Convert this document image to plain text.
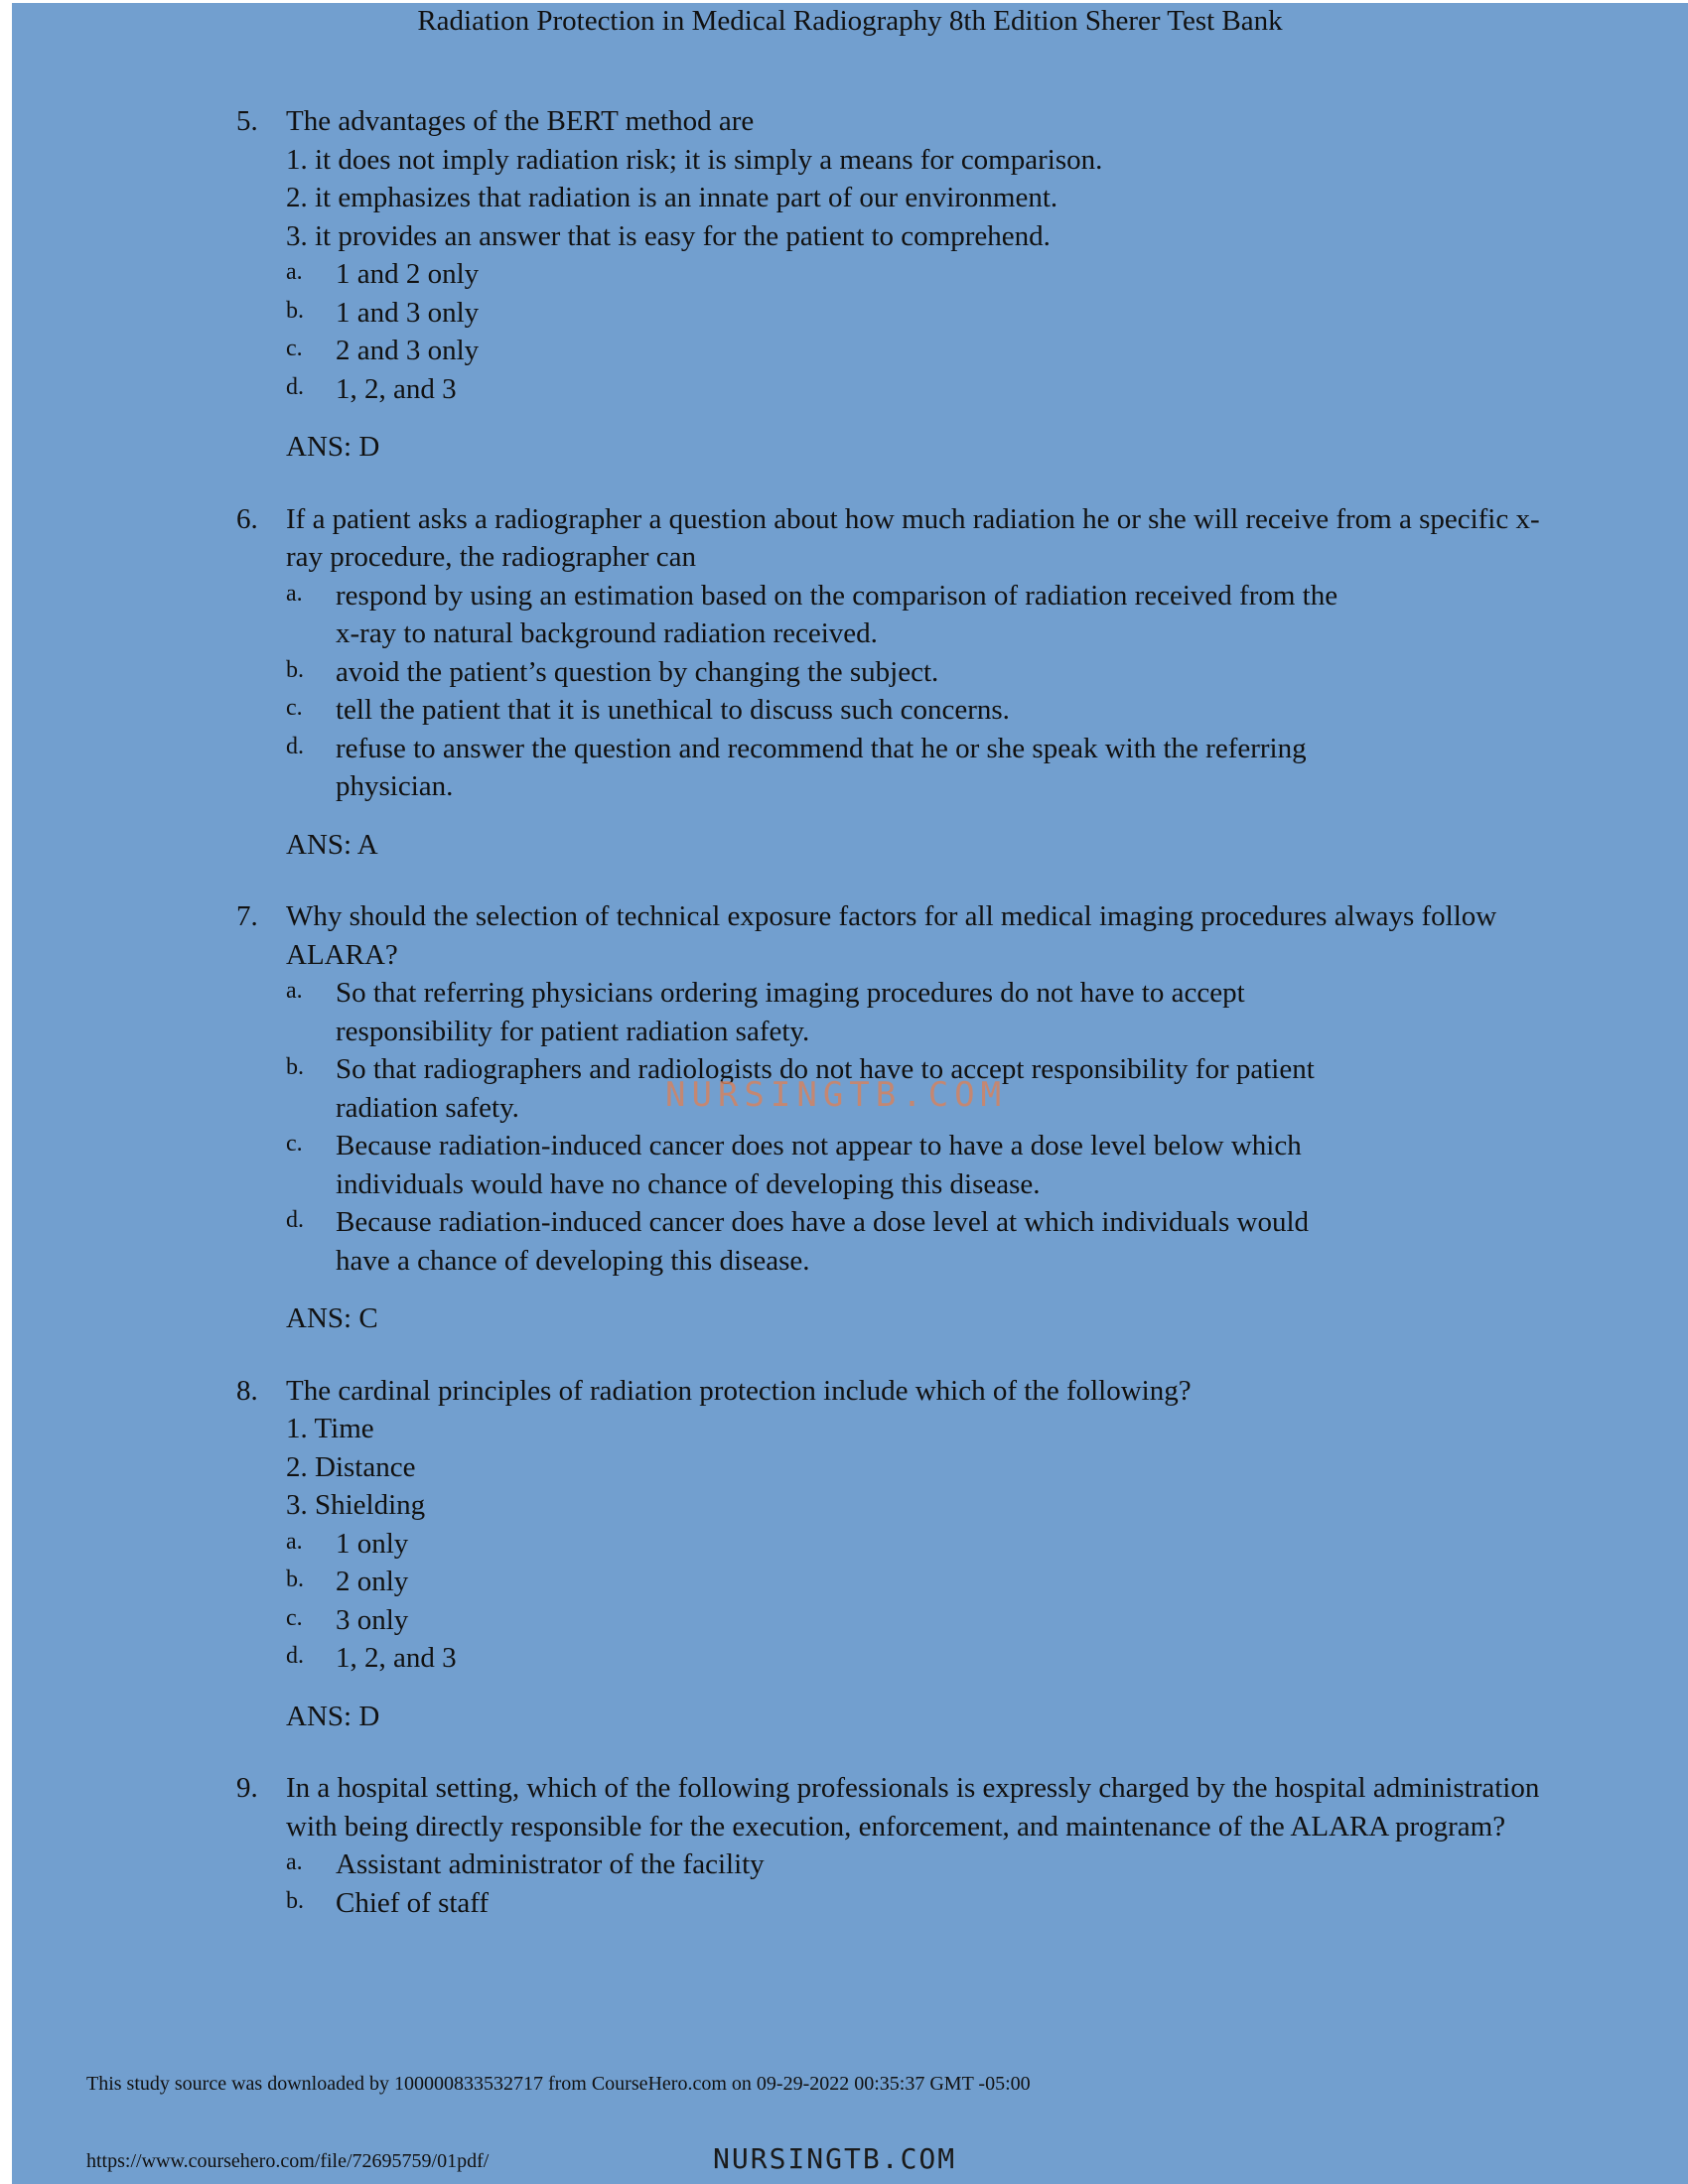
Radiation Protection in Medical Radiography 8th Edition Sherer Test Bank
5. The advantages of the BERT method are
1. it does not imply radiation risk; it is simply a means for comparison.
2. it emphasizes that radiation is an innate part of our environment.
3. it provides an answer that is easy for the patient to comprehend.
a. 1 and 2 only
b. 1 and 3 only
c. 2 and 3 only
d. 1, 2, and 3
ANS: D
6. If a patient asks a radiographer a question about how much radiation he or she will receive from a specific x-ray procedure, the radiographer can
a. respond by using an estimation based on the comparison of radiation received from the x-ray to natural background radiation received.
b. avoid the patient’s question by changing the subject.
c. tell the patient that it is unethical to discuss such concerns.
d. refuse to answer the question and recommend that he or she speak with the referring physician.
ANS: A
7. Why should the selection of technical exposure factors for all medical imaging procedures always follow ALARA?
a. So that referring physicians ordering imaging procedures do not have to accept responsibility for patient radiation safety.
b. So that radiographers and radiologists do not have to accept responsibility for patient radiation safety.
c. Because radiation-induced cancer does not appear to have a dose level below which individuals would have no chance of developing this disease.
d. Because radiation-induced cancer does have a dose level at which individuals would have a chance of developing this disease.
ANS: C
8. The cardinal principles of radiation protection include which of the following?
1. Time
2. Distance
3. Shielding
a. 1 only
b. 2 only
c. 3 only
d. 1, 2, and 3
ANS: D
9. In a hospital setting, which of the following professionals is expressly charged by the hospital administration with being directly responsible for the execution, enforcement, and maintenance of the ALARA program?
a. Assistant administrator of the facility
b. Chief of staff
NURSINGTB.COM
This study source was downloaded by 100000833532717 from CourseHero.com on 09-29-2022 00:35:37 GMT -05:00
https://www.coursehero.com/file/72695759/01pdf/	NURSINGTB.COM
